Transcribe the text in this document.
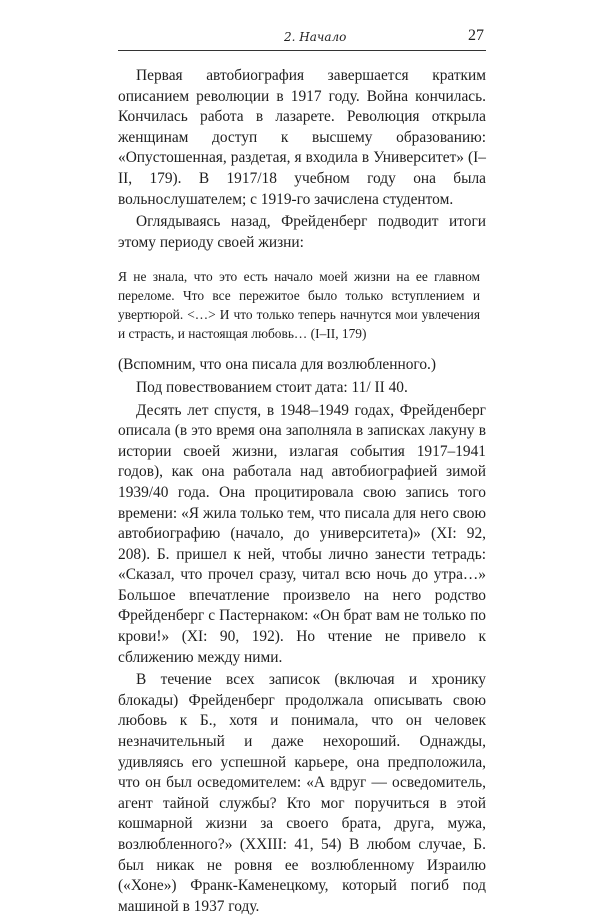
2. Начало	27

Первая автобиография завершается кратким описанием революции в 1917 году. Война кончилась. Кончилась работа в лазарете. Революция открыла женщинам доступ к высшему образованию: «Опустошенная, раздетая, я входила в Университет» (I–II, 179). В 1917/18 учебном году она была вольнослушателем; с 1919-го зачислена студентом.

Оглядываясь назад, Фрейденберг подводит итоги этому периоду своей жизни:

Я не знала, что это есть начало моей жизни на ее главном переломе. Что все пережитое было только вступлением и увертюрой. <…> И что только теперь начнутся мои увлечения и страсть, и настоящая любовь… (I–II, 179)

(Вспомним, что она писала для возлюбленного.)

Под повествованием стоит дата: 11/ II 40.

Десять лет спустя, в 1948–1949 годах, Фрейденберг описала (в это время она заполняла в записках лакуну в истории своей жизни, излагая события 1917–1941 годов), как она работала над автобиографией зимой 1939/40 года. Она процитировала свою запись того времени: «Я жила только тем, что писала для него свою автобиографию (начало, до университета)» (XI: 92, 208). Б. пришел к ней, чтобы лично занести тетрадь: «Сказал, что прочел сразу, читал всю ночь до утра…» Большое впечатление произвело на него родство Фрейденберг с Пастернаком: «Он брат вам не только по крови!» (XI: 90, 192). Но чтение не привело к сближению между ними.

В течение всех записок (включая и хронику блокады) Фрейденберг продолжала описывать свою любовь к Б., хотя и понимала, что он человек незначительный и даже нехороший. Однажды, удивляясь его успешной карьере, она предположила, что он был осведомителем: «А вдруг — осведомитель, агент тайной службы? Кто мог поручиться в этой кошмарной жизни за своего брата, друга, мужа, возлюбленного?» (XXIII: 41, 54) В любом случае, Б. был никак не ровня ее возлюбленному Израилю («Хоне») Франк-Каменецкому, который погиб под машиной в 1937 году.
